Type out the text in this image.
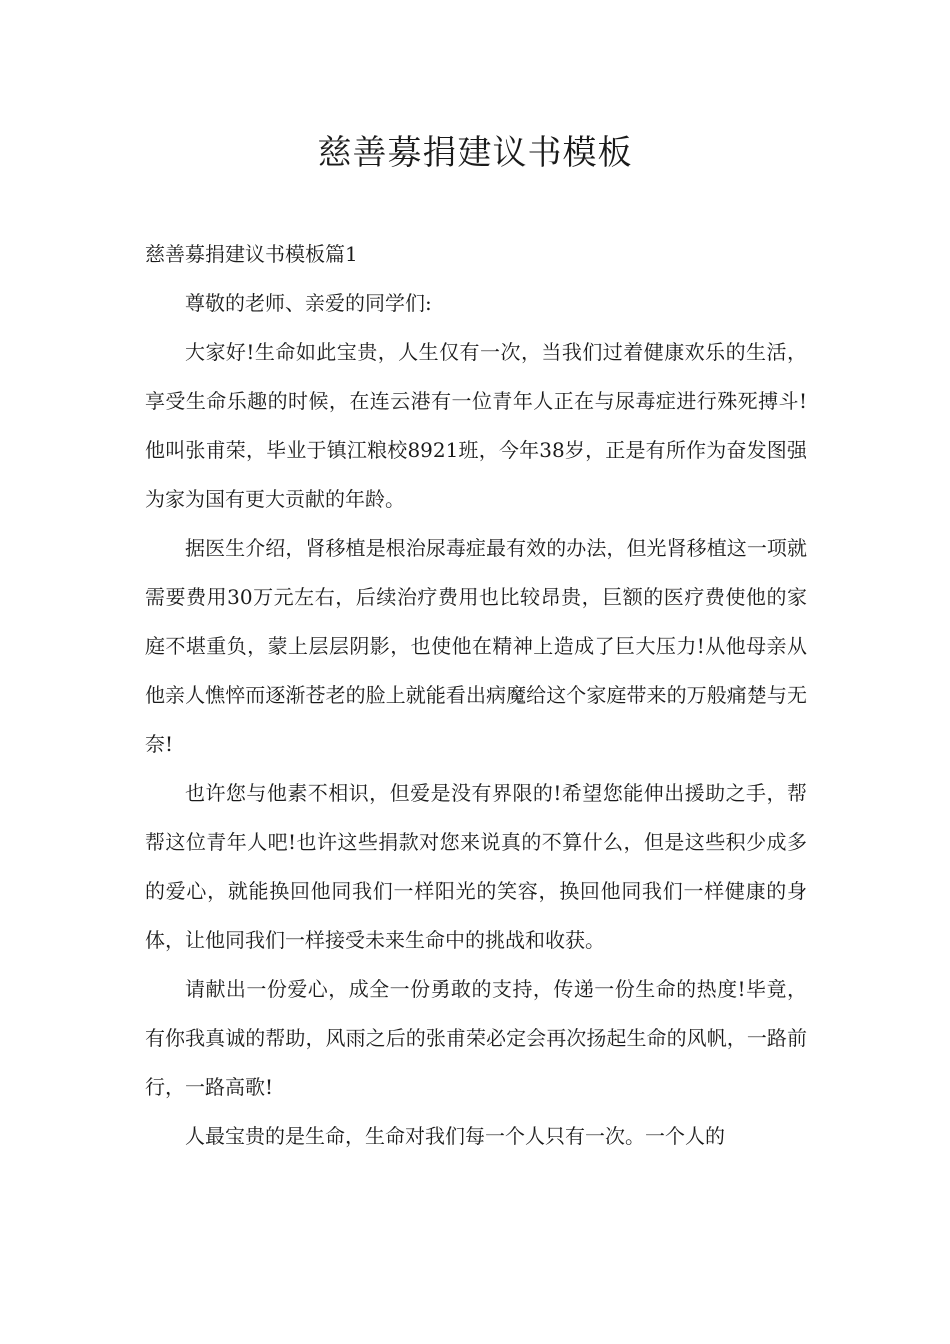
慈善募捐建议书模板

慈善募捐建议书模板篇1

尊敬的老师、亲爱的同学们:

大家好!生命如此宝贵，人生仅有一次，当我们过着健康欢乐的生活，享受生命乐趣的时候，在连云港有一位青年人正在与尿毒症进行殊死搏斗!他叫张甫荣，毕业于镇江粮校8921班，今年38岁，正是有所作为奋发图强为家为国有更大贡献的年龄。

据医生介绍，肾移植是根治尿毒症最有效的办法，但光肾移植这一项就需要费用30万元左右，后续治疗费用也比较昂贵，巨额的医疗费使他的家庭不堪重负，蒙上层层阴影，也使他在精神上造成了巨大压力!从他母亲从他亲人憔悴而逐渐苍老的脸上就能看出病魔给这个家庭带来的万般痛楚与无奈!

也许您与他素不相识，但爱是没有界限的!希望您能伸出援助之手，帮帮这位青年人吧!也许这些捐款对您来说真的不算什么，但是这些积少成多的爱心，就能换回他同我们一样阳光的笑容，换回他同我们一样健康的身体，让他同我们一样接受未来生命中的挑战和收获。

请献出一份爱心，成全一份勇敢的支持，传递一份生命的热度!毕竟，有你我真诚的帮助，风雨之后的张甫荣必定会再次扬起生命的风帆，一路前行，一路高歌!

人最宝贵的是生命，生命对我们每一个人只有一次。一个人的
